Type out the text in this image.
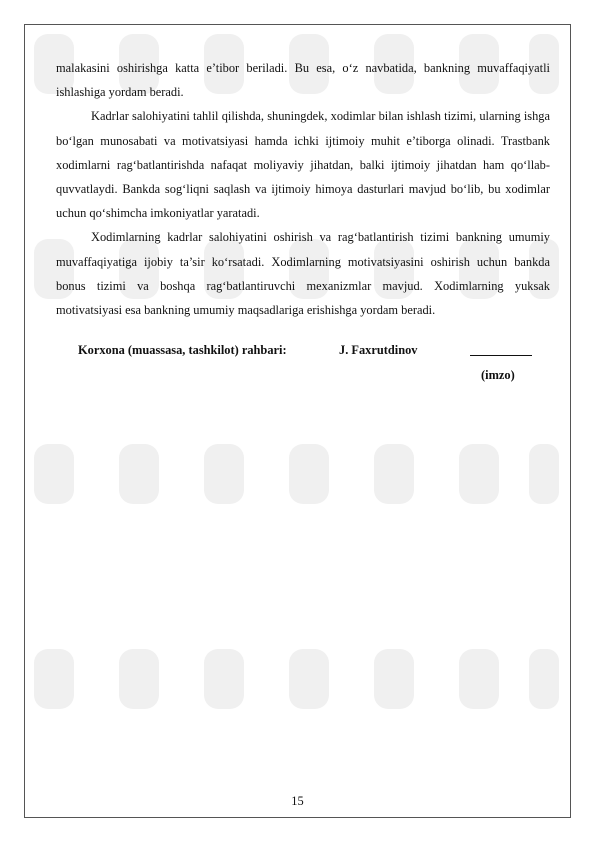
malakasini oshirishga katta e’tibor beriladi. Bu esa, o‘z navbatida, bankning muvaffaqiyatli ishlashiga yordam beradi.

Kadrlar salohiyatini tahlil qilishda, shuningdek, xodimlar bilan ishlash tizimi, ularning ishga bo‘lgan munosabati va motivatsiyasi hamda ichki ijtimoiy muhit e’tiborga olinadi. Trastbank xodimlarni rag‘batlantirishda nafaqat moliyaviy jihatdan, balki ijtimoiy jihatdan ham qo‘llab-quvvatlaydi. Bankda sog‘liqni saqlash va ijtimoiy himoya dasturlari mavjud bo‘lib, bu xodimlar uchun qo‘shimcha imkoniyatlar yaratadi.

Xodimlarning kadrlar salohiyatini oshirish va rag‘batlantirish tizimi bankning umumiy muvaffaqiyatiga ijobiy ta’sir ko‘rsatadi. Xodimlarning motivatsiyasini oshirish uchun bankda bonus tizimi va boshqa rag‘batlantiruvchi mexanizmlar mavjud. Xodimlarning yuksak motivatsiyasi esa bankning umumiy maqsadlariga erishishga yordam beradi.

Korxona (muassasa, tashkilot) rahbari:	J. Faxrutdinov
(imzo)
15
